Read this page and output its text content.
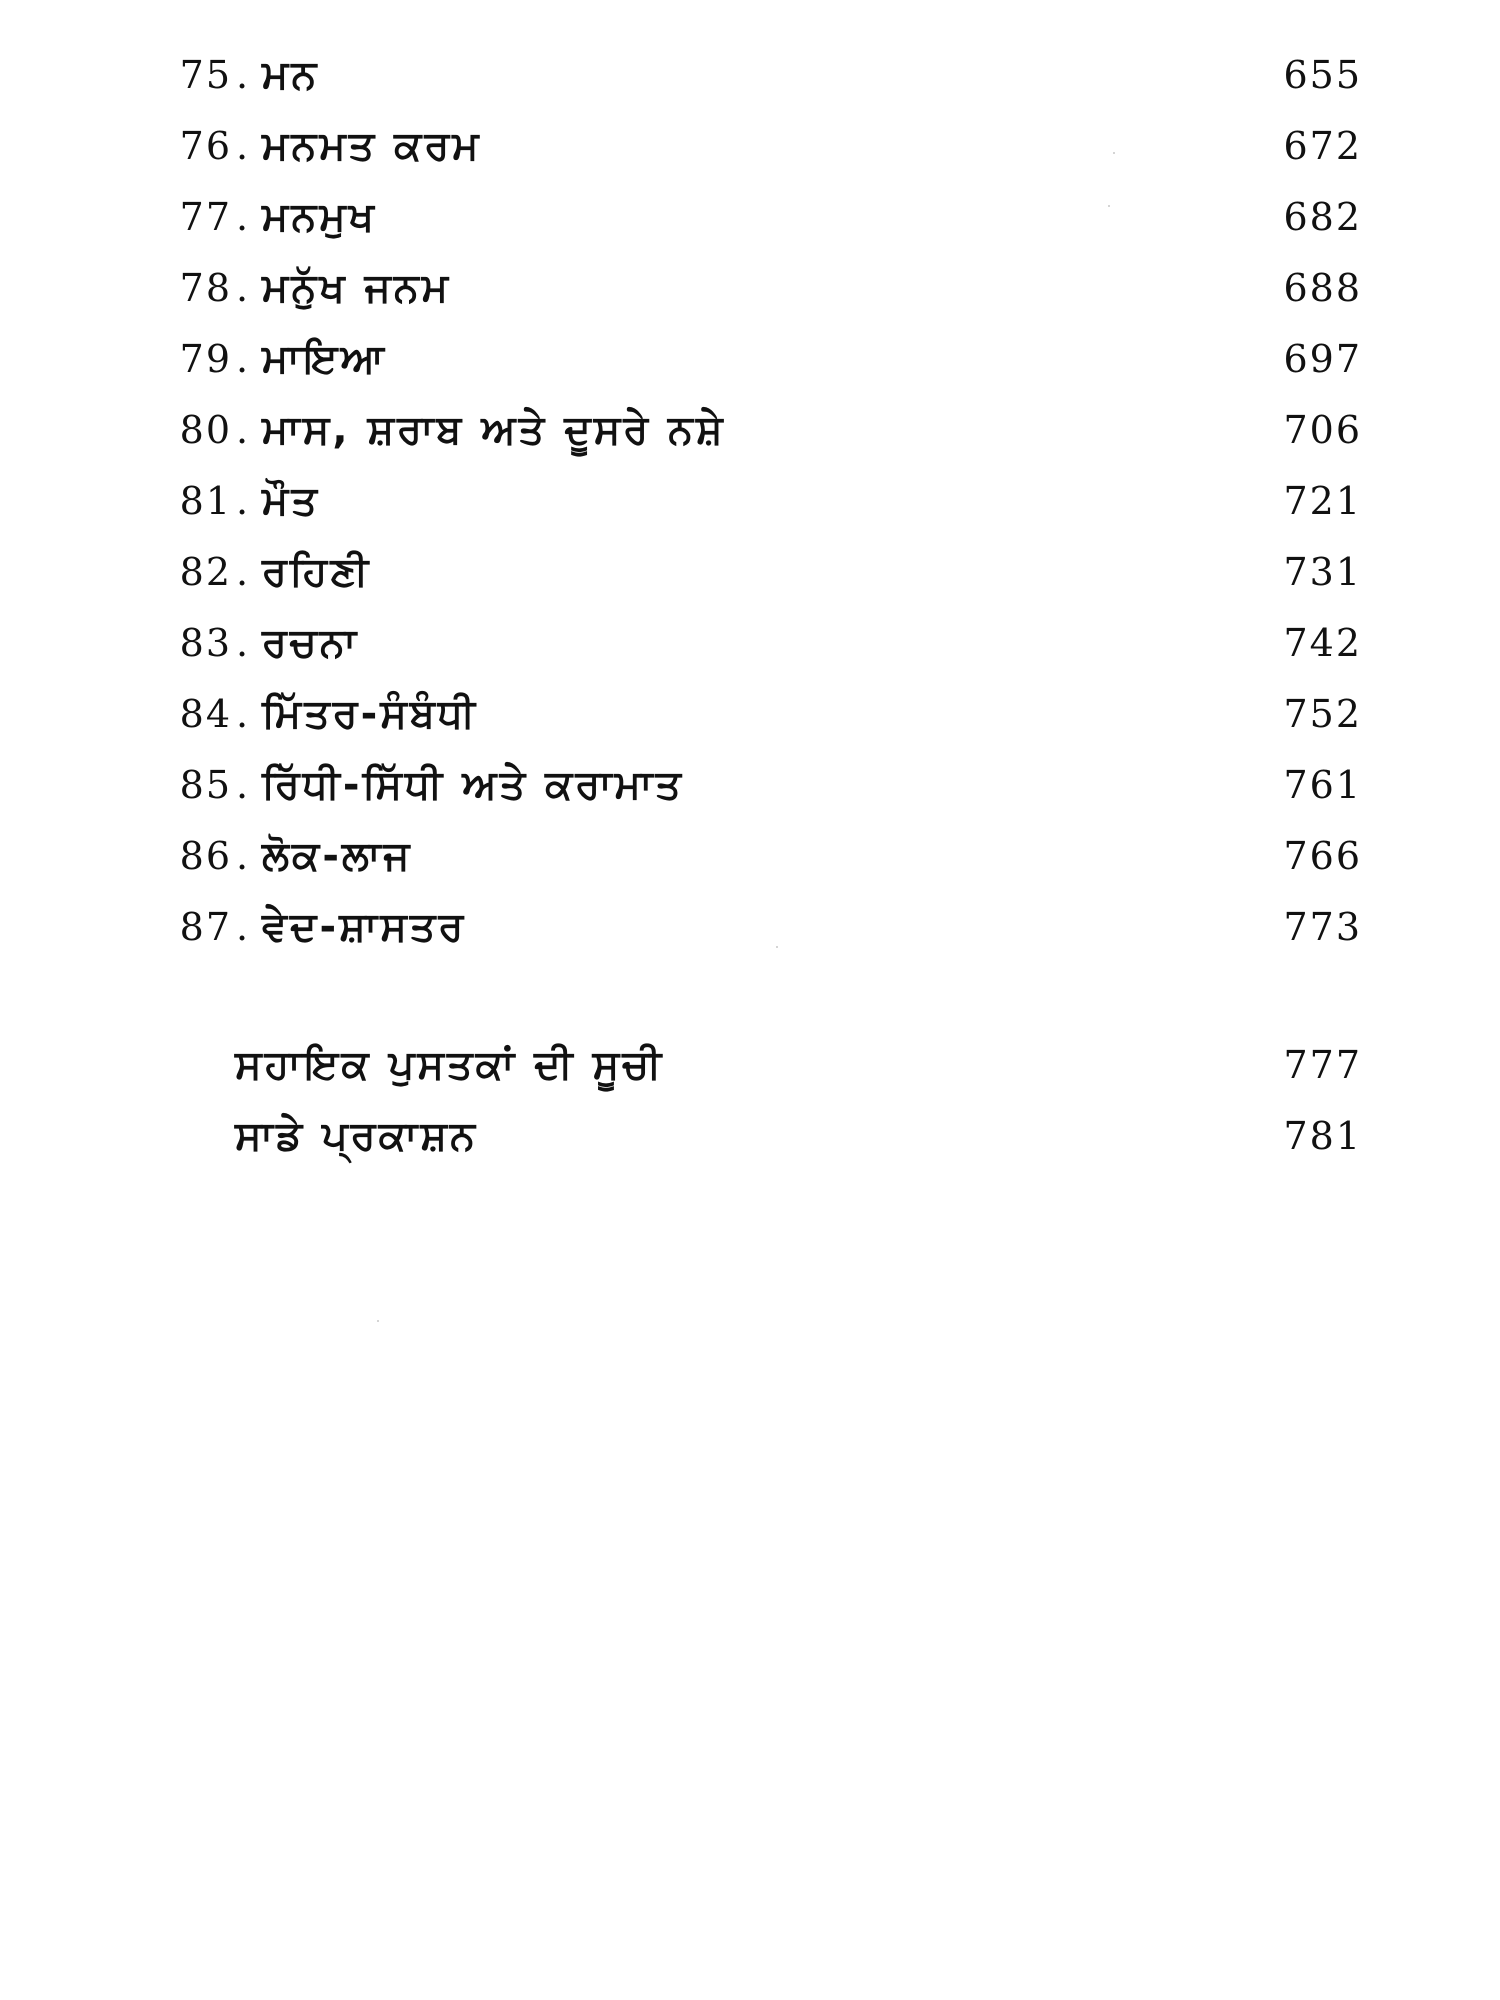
75 . ਮਨ	655
76 . ਮਨਮਤ ਕਰਮ	672
77 . ਮਨਮੁਖ	682
78 . ਮਨੁੱਖ ਜਨਮ	688
79 . ਮਾਇਆ	697
80 . ਮਾਸ, ਸ਼ਰਾਬ ਅਤੇ ਦੂਸਰੇ ਨਸ਼ੇ	706
81 . ਮੌਤ	721
82 . ਰਹਿਣੀ	731
83 . ਰਚਨਾ	742
84 . ਮਿੱਤਰ-ਸੰਬੰਧੀ	752
85 . ਰਿੱਧੀ-ਸਿੱਧੀ ਅਤੇ ਕਰਾਮਾਤ	761
86 . ਲੋਕ-ਲਾਜ	766
87 . ਵੇਦ-ਸ਼ਾਸਤਰ	773
ਸਹਾਇਕ ਪੁਸਤਕਾਂ ਦੀ ਸੂਚੀ	777
ਸਾਡੇ ਪ੍ਰਕਾਸ਼ਨ	781
